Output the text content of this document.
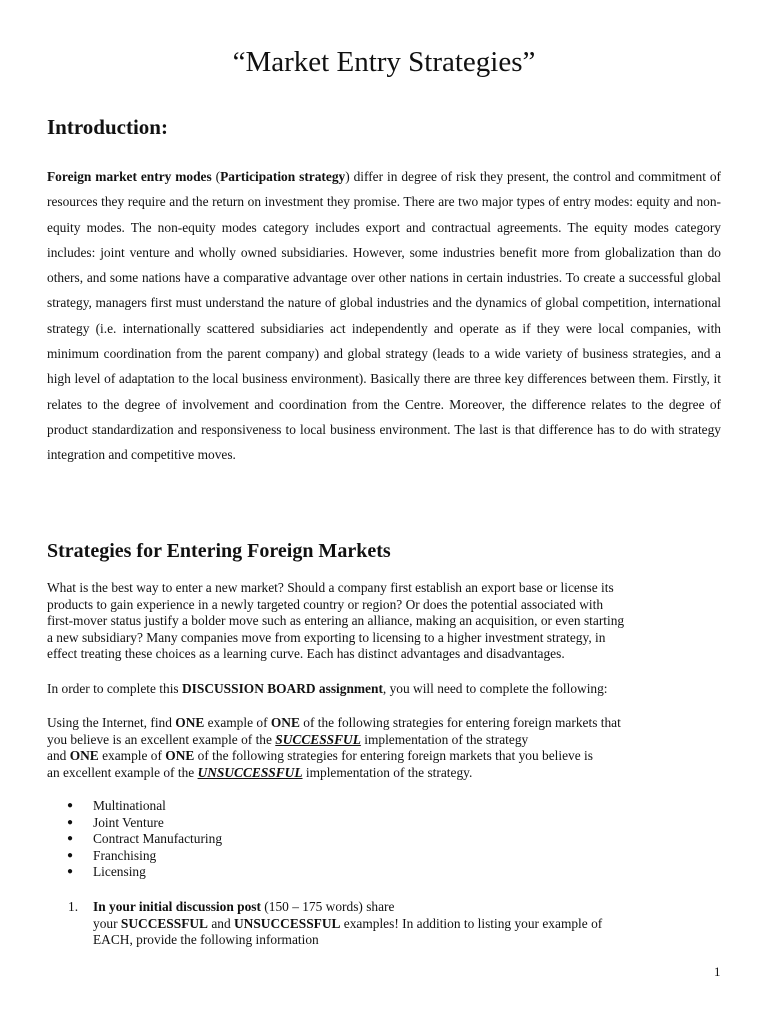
“Market Entry Strategies”
Introduction:
Foreign market entry modes (Participation strategy) differ in degree of risk they present, the control and commitment of resources they require and the return on investment they promise. There are two major types of entry modes: equity and non-equity modes. The non-equity modes category includes export and contractual agreements. The equity modes category includes: joint venture and wholly owned subsidiaries. However, some industries benefit more from globalization than do others, and some nations have a comparative advantage over other nations in certain industries. To create a successful global strategy, managers first must understand the nature of global industries and the dynamics of global competition, international strategy (i.e. internationally scattered subsidiaries act independently and operate as if they were local companies, with minimum coordination from the parent company) and global strategy (leads to a wide variety of business strategies, and a high level of adaptation to the local business environment). Basically there are three key differences between them. Firstly, it relates to the degree of involvement and coordination from the Centre. Moreover, the difference relates to the degree of product standardization and responsiveness to local business environment. The last is that difference has to do with strategy integration and competitive moves.
Strategies for Entering Foreign Markets
What is the best way to enter a new market? Should a company first establish an export base or license its
products to gain experience in a newly targeted country or region? Or does the potential associated with
first-mover status justify a bolder move such as entering an alliance, making an acquisition, or even starting
a new subsidiary? Many companies move from exporting to licensing to a higher investment strategy, in
effect treating these choices as a learning curve. Each has distinct advantages and disadvantages.
In order to complete this DISCUSSION BOARD assignment, you will need to complete the following:
Using the Internet, find ONE example of ONE of the following strategies for entering foreign markets that
you believe is an excellent example of the SUCCESSFUL implementation of the strategy
and ONE example of ONE of the following strategies for entering foreign markets that you believe is
an excellent example of the UNSUCCESSFUL implementation of the strategy.
● Multinational
● Joint Venture
● Contract Manufacturing
● Franchising
● Licensing
1. In your initial discussion post (150 – 175 words) share
your SUCCESSFUL and UNSUCCESSFUL examples! In addition to listing your example of
EACH, provide the following information
1
